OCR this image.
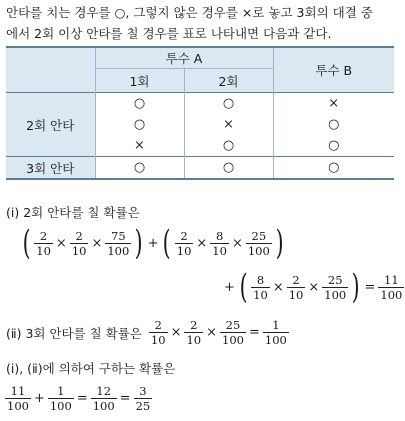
안타를 치는 경우를 ○, 그렇지 않은 경우를 ×로 놓고 3회의 대결 중
에서 2회 이상 안타를 칠 경우를 표로 나타내면 다음과 같다.
	투수 A		투수 B
	1회	2회	
2회 안타	○	○	×
	○	×	○
	×	○	○
3회 안타	○	○	○
(ⅰ) 2회 안타를 칠 확률은
( $\frac{2}{10} \times \frac{2}{10} \times \frac{75}{100}$ ) + ( $\frac{2}{10} \times \frac{8}{10} \times \frac{25}{100}$ )
+ ( $\frac{8}{10} \times \frac{2}{10} \times \frac{25}{100}$ ) = $\frac{11}{100}$
(ⅱ) 3회 안타를 칠 확률은 $\frac{2}{10} \times \frac{2}{10} \times \frac{25}{100} = \frac{1}{100}$
(ⅰ), (ⅱ)에 의하여 구하는 확률은
$\frac{11}{100} + \frac{1}{100} = \frac{12}{100} = \frac{3}{25}$
